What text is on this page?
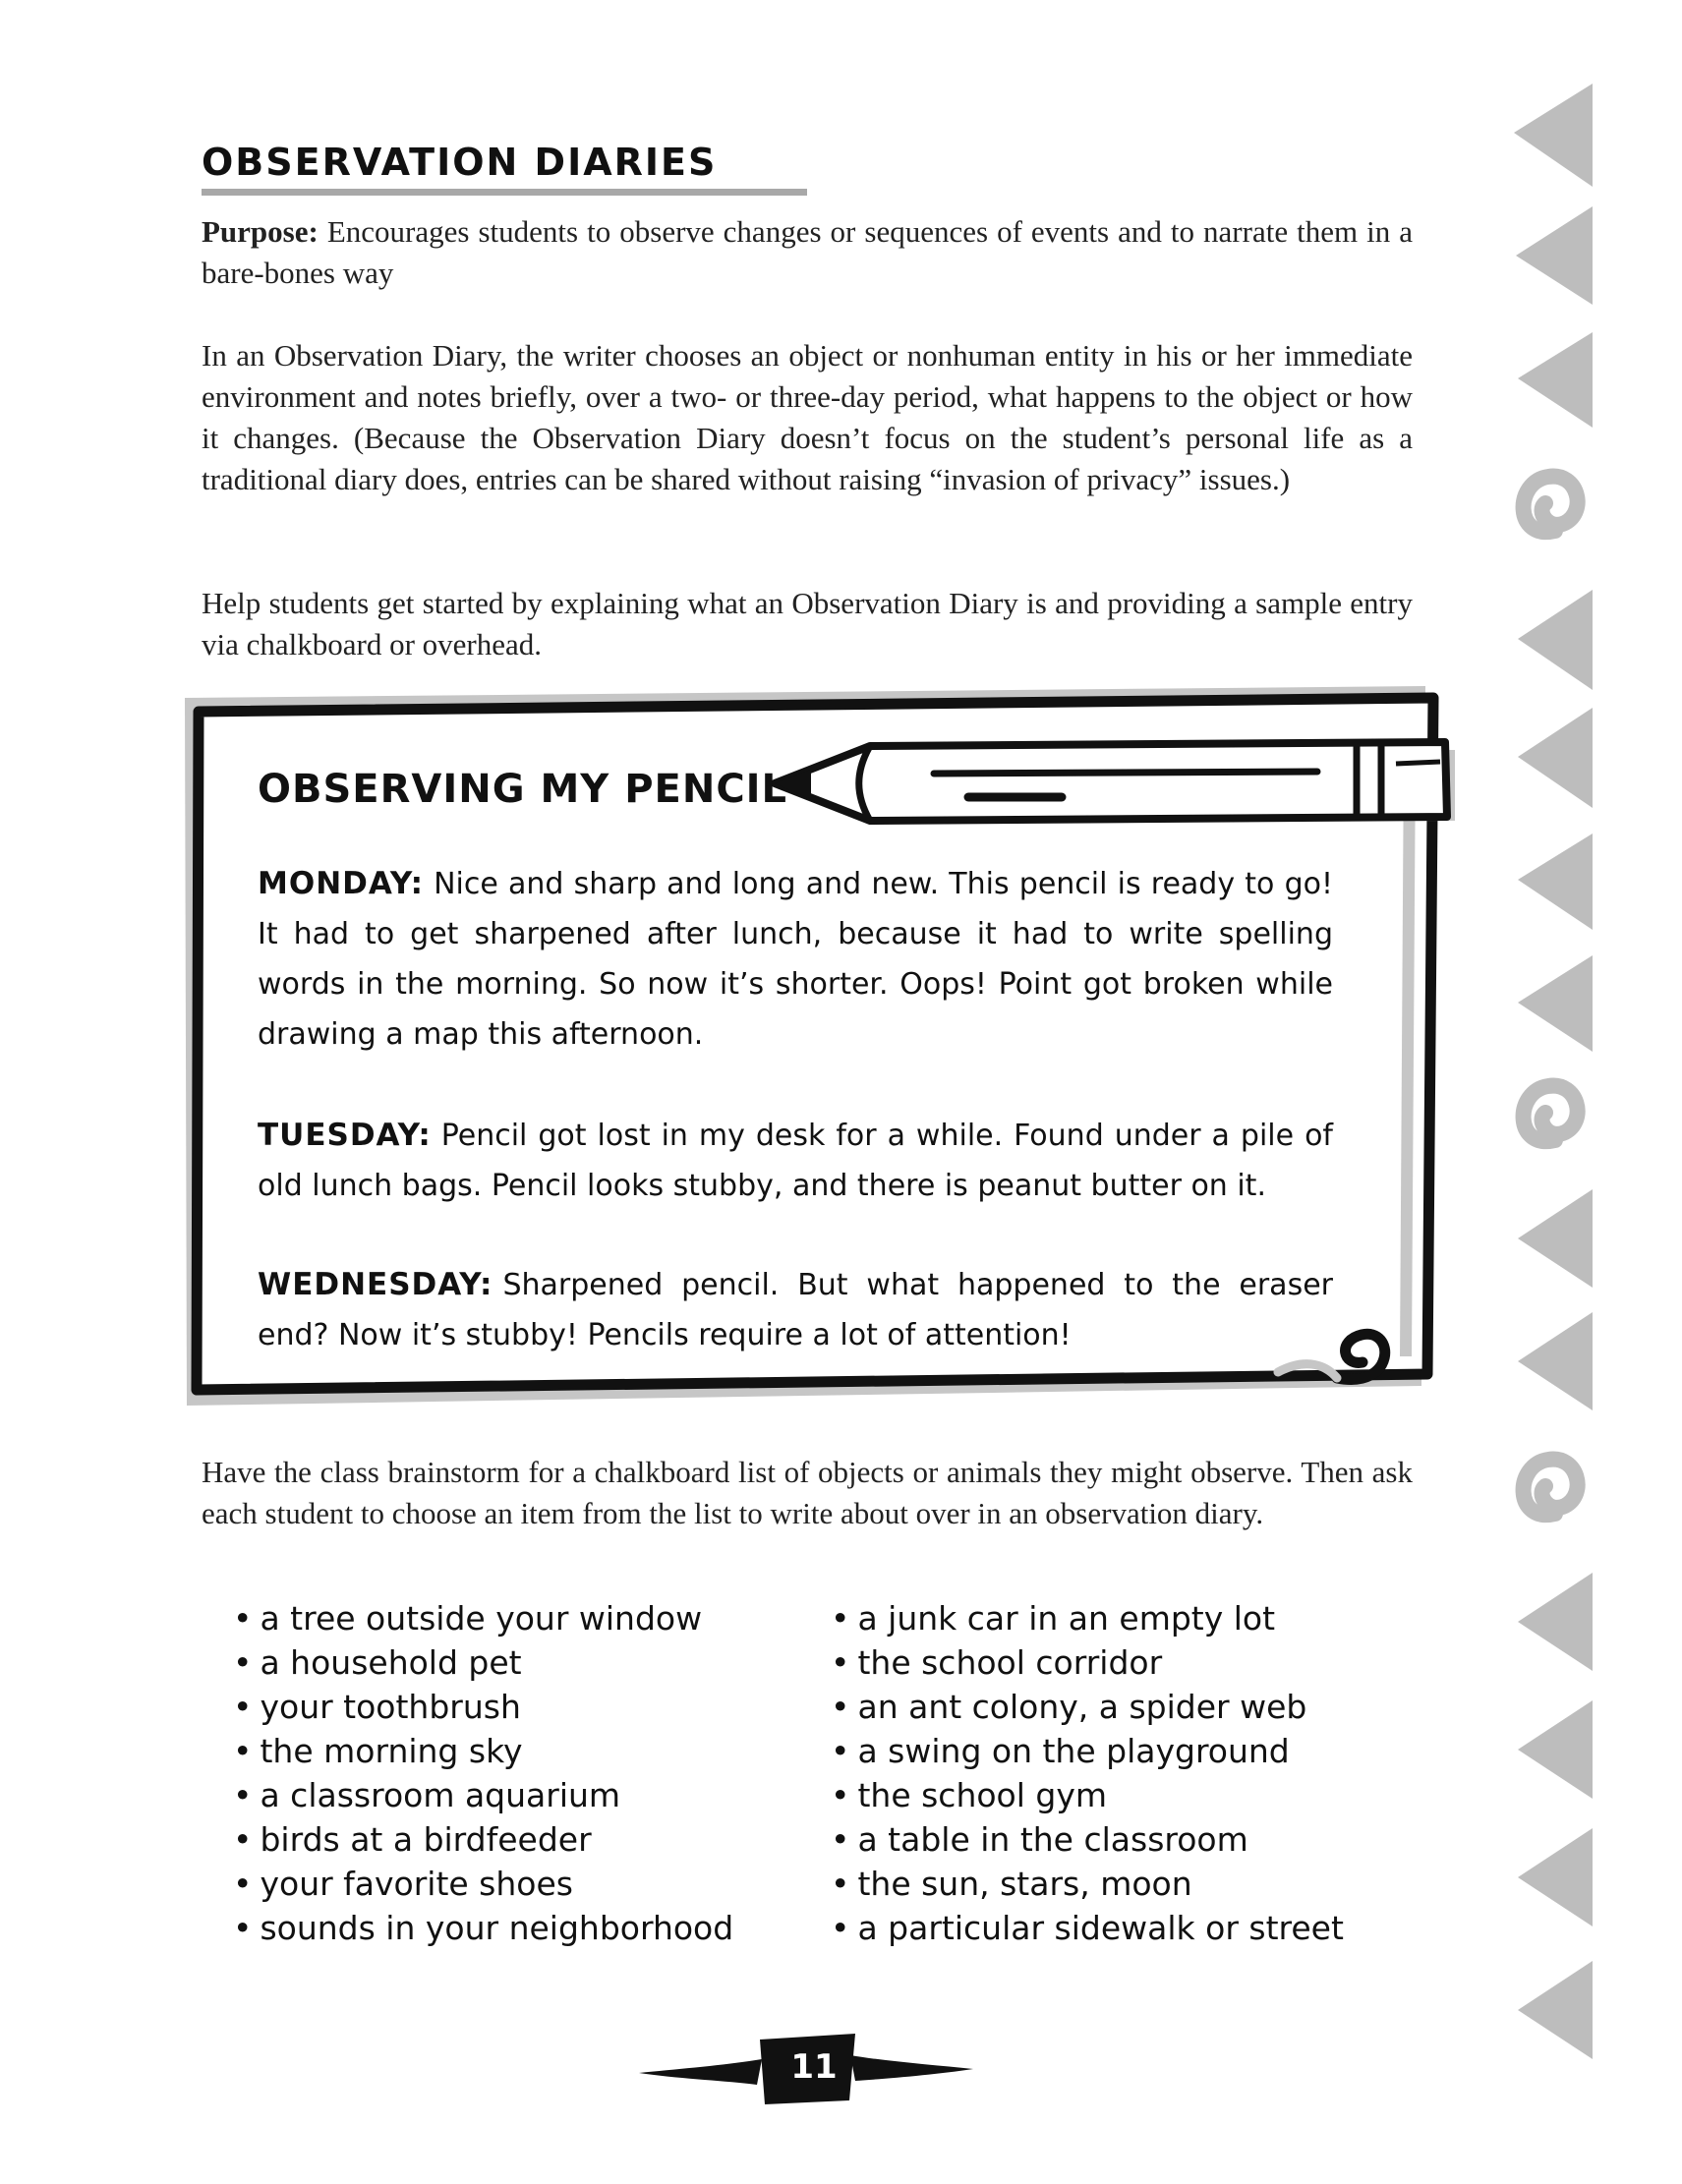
OBSERVATION DIARIES
Purpose: Encourages students to observe changes or sequences of events and to narrate them in a bare-bones way
In an Observation Diary, the writer chooses an object or nonhuman entity in his or her immediate environment and notes briefly, over a two- or three-day period, what happens to the object or how it changes. (Because the Observation Diary doesn’t focus on the student’s personal life as a traditional diary does, entries can be shared without raising “invasion of privacy” issues.)
Help students get started by explaining what an Observation Diary is and providing a sample entry via chalkboard or overhead.
OBSERVING MY PENCIL
MONDAY: Nice and sharp and long and new. This pencil is ready to go! It had to get sharpened after lunch, because it had to write spelling words in the morning. So now it’s shorter. Oops! Point got broken while drawing a map this afternoon.
TUESDAY: Pencil got lost in my desk for a while. Found under a pile of old lunch bags. Pencil looks stubby, and there is peanut butter on it.
WEDNESDAY: Sharpened pencil. But what happened to the eraser end? Now it’s stubby! Pencils require a lot of attention!
Have the class brainstorm for a chalkboard list of objects or animals they might observe. Then ask each student to choose an item from the list to write about over in an observation diary.
• a tree outside your window
• a household pet
• your toothbrush
• the morning sky
• a classroom aquarium
• birds at a birdfeeder
• your favorite shoes
• sounds in your neighborhood
• a junk car in an empty lot
• the school corridor
• an ant colony, a spider web
• a swing on the playground
• the school gym
• a table in the classroom
• the sun, stars, moon
• a particular sidewalk or street
11
